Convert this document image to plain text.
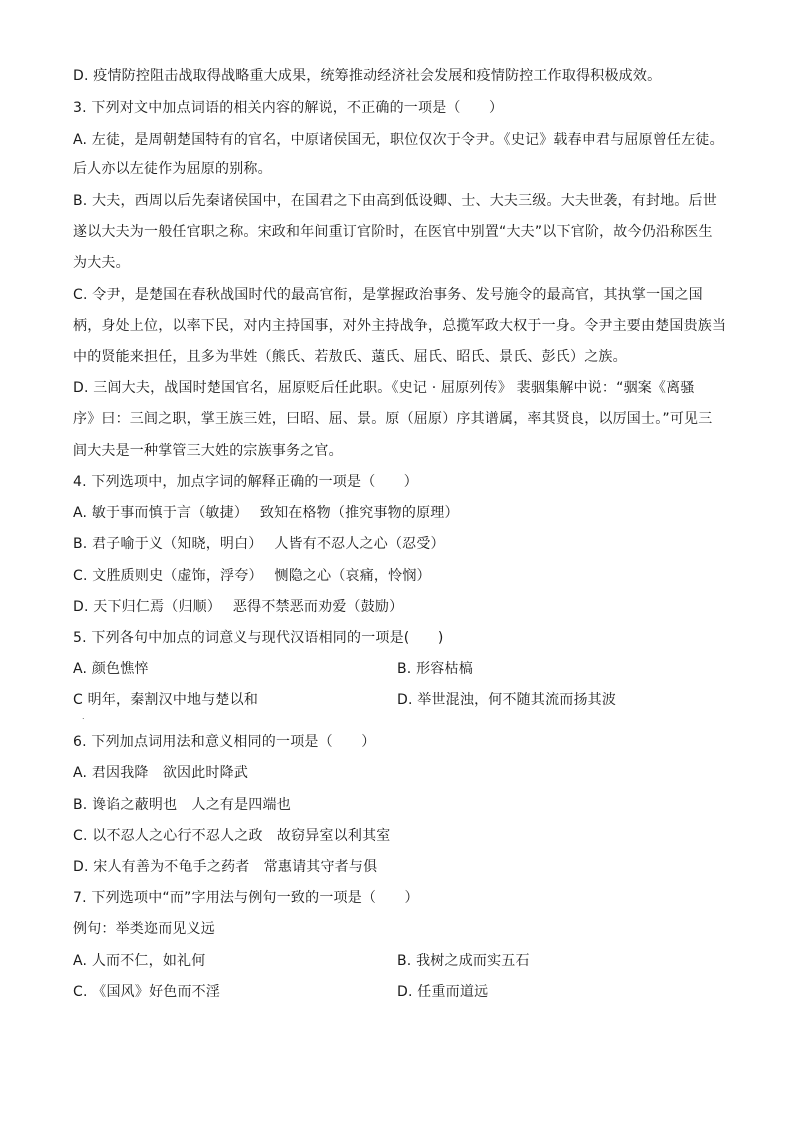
D. 疫情防控阻击战取得战略重大成果，统筹推动经济社会发展和疫情防控工作取得积极成效。
3. 下列对文中加点词语的相关内容的解说，不正确的一项是（　　）
A. 左徒，是周朝楚国特有的官名，中原诸侯国无，职位仅次于令尹。《史记》载春申君与屈原曾任左徒。
后人亦以左徒作为屈原的别称。
B. 大夫，西周以后先秦诸侯国中，在国君之下由高到低设卿、士、大夫三级。大夫世袭，有封地。后世
遂以大夫为一般任官职之称。宋政和年间重订官阶时，在医官中别置“大夫”以下官阶，故今仍沿称医生
为大夫。
C. 令尹，是楚国在春秋战国时代的最高官衔，是掌握政治事务、发号施令的最高官，其执掌一国之国
柄，身处上位，以率下民，对内主持国事，对外主持战争，总揽军政大权于一身。令尹主要由楚国贵族当
中的贤能来担任，且多为芈姓（熊氏、若敖氏、薳氏、屈氏、昭氏、景氏、彭氏）之族。
D. 三闾大夫，战国时楚国官名，屈原贬后任此职。《史记 · 屈原列传》 裴骃集解中说：“骃案《离骚
序》曰：三闾之职，掌王族三姓，曰昭、屈、景。原（屈原）序其谱属，率其贤良，以厉国士。”可见三
闾大夫是一种掌管三大姓的宗族事务之官。
4. 下列选项中，加点字词的解释正确的一项是（　　）
A. 敏于事而慎于言（敏捷）　 致知在格物（推究事物的原理）
B. 君子喻于义（知晓，明白）　 人皆有不忍人之心（忍受）
C. 文胜质则史（虚饰，浮夸）　 恻隐之心（哀痛，怜悯）
D. 天下归仁焉（归顺）　 恶得不禁恶而劝爱（鼓励）
5. 下列各句中加点的词意义与现代汉语相同的一项是(　　)
A. 颜色憔悴	B. 形容枯槁
C 明年，秦割汉中地与楚以和	D. 举世混浊，何不随其流而扬其波
.
6. 下列加点词用法和意义相同的一项是（　　）
A. 君因我降　欲因此时降武
B. 谗谄之蔽明也　人之有是四端也
C. 以不忍人之心行不忍人之政　故窃异室以利其室
D. 宋人有善为不龟手之药者　常惠请其守者与俱
7. 下列选项中“而”字用法与例句一致的一项是（　　）
例句：举类迩而见义远
A. 人而不仁，如礼何	B. 我树之成而实五石
C. 《国风》好色而不淫	D. 任重而道远
